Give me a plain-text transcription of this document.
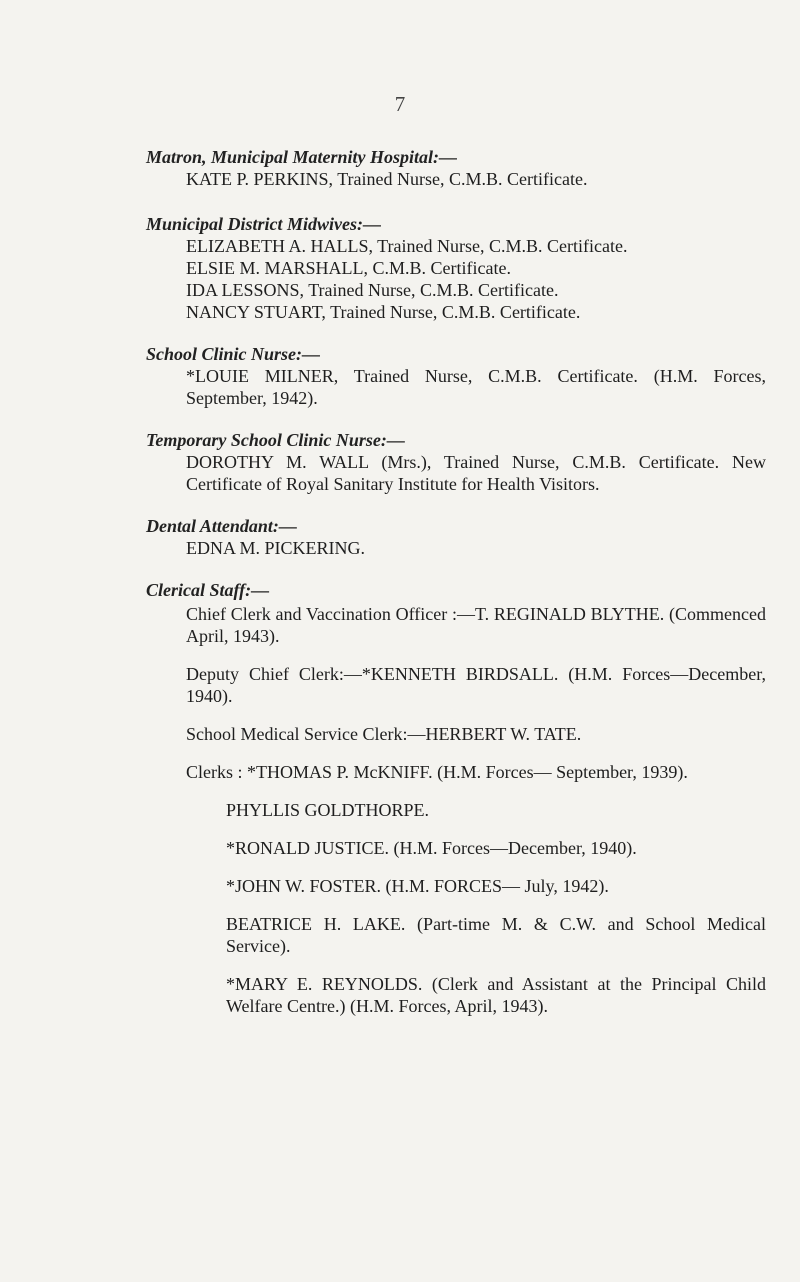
7

Matron, Municipal Maternity Hospital:—

KATE P. PERKINS, Trained Nurse, C.M.B. Certificate.

Municipal District Midwives:—

ELIZABETH A. HALLS, Trained Nurse, C.M.B. Certificate.

ELSIE M. MARSHALL, C.M.B. Certificate.

IDA LESSONS, Trained Nurse, C.M.B. Certificate.

NANCY STUART, Trained Nurse, C.M.B. Certificate.

School Clinic Nurse:—

*LOUIE MILNER, Trained Nurse, C.M.B. Certificate. (H.M. Forces, September, 1942).

Temporary School Clinic Nurse:—

DOROTHY M. WALL (Mrs.), Trained Nurse, C.M.B. Certificate. New Certificate of Royal Sanitary Institute for Health Visitors.

Dental Attendant:—

EDNA M. PICKERING.

Clerical Staff:—

Chief Clerk and Vaccination Officer :—T. REGINALD BLYTHE. (Commenced April, 1943).

Deputy Chief Clerk:—*KENNETH BIRDSALL. (H.M. Forces—December, 1940).

School Medical Service Clerk:—HERBERT W. TATE.

Clerks : *THOMAS P. McKNIFF. (H.M. Forces— September, 1939).

PHYLLIS GOLDTHORPE.

*RONALD JUSTICE. (H.M. Forces—December, 1940).

*JOHN W. FOSTER. (H.M. FORCES— July, 1942).

BEATRICE H. LAKE. (Part-time M. & C.W. and School Medical Service).

*MARY E. REYNOLDS. (Clerk and Assistant at the Principal Child Welfare Centre.) (H.M. Forces, April, 1943).
